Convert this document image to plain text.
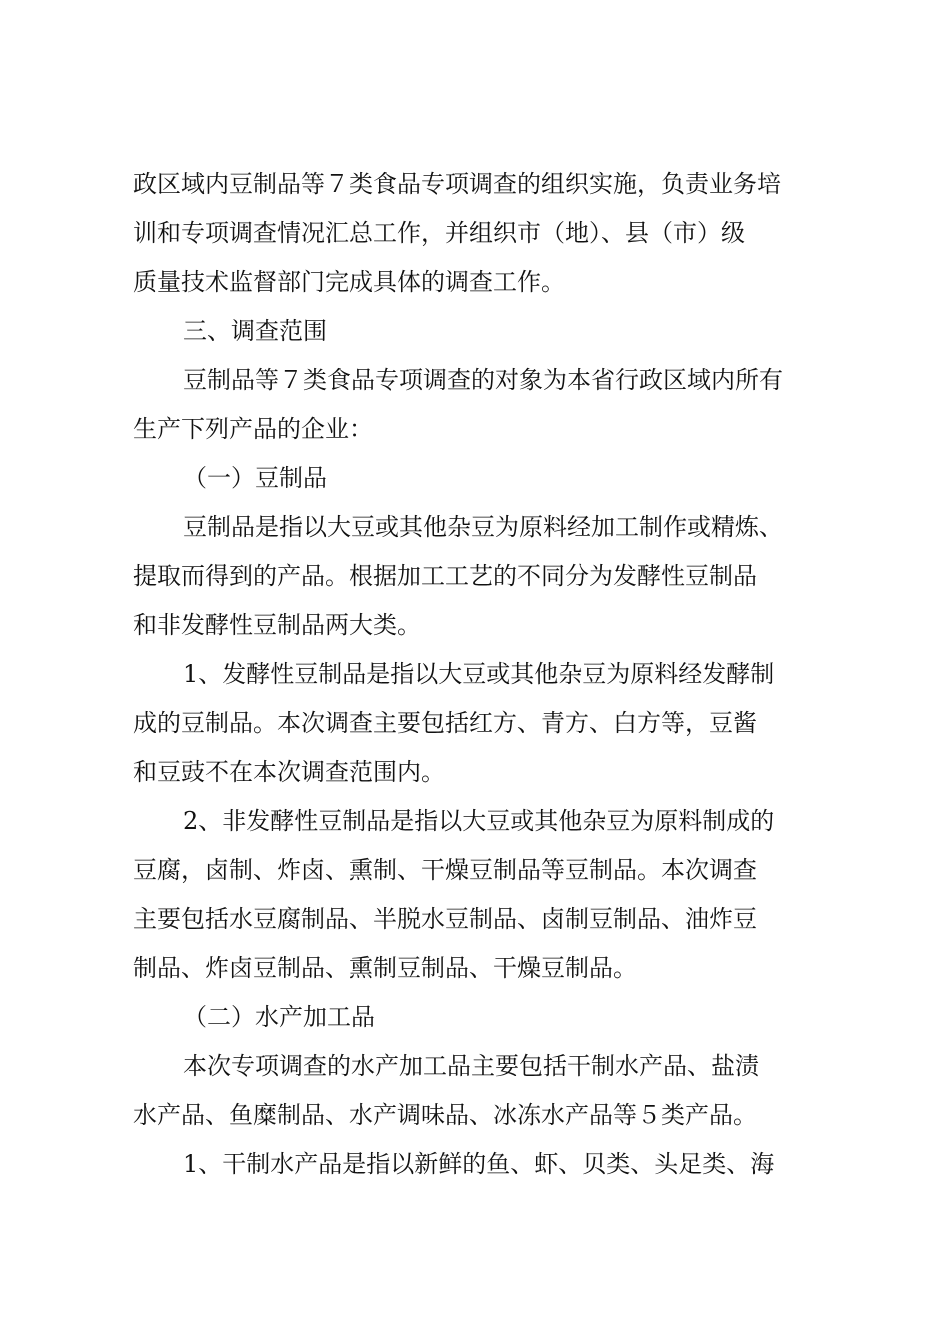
政区域内豆制品等７类食品专项调查的组织实施，负责业务培
训和专项调查情况汇总工作，并组织市（地）、县（市）级
质量技术监督部门完成具体的调查工作。
三、调查范围
豆制品等７类食品专项调查的对象为本省行政区域内所有
生产下列产品的企业：
（一）豆制品
豆制品是指以大豆或其他杂豆为原料经加工制作或精炼、
提取而得到的产品。根据加工工艺的不同分为发酵性豆制品
和非发酵性豆制品两大类。
1、发酵性豆制品是指以大豆或其他杂豆为原料经发酵制
成的豆制品。本次调查主要包括红方、青方、白方等，豆酱
和豆豉不在本次调查范围内。
2、非发酵性豆制品是指以大豆或其他杂豆为原料制成的
豆腐，卤制、炸卤、熏制、干燥豆制品等豆制品。本次调查
主要包括水豆腐制品、半脱水豆制品、卤制豆制品、油炸豆
制品、炸卤豆制品、熏制豆制品、干燥豆制品。
（二）水产加工品
本次专项调查的水产加工品主要包括干制水产品、盐渍
水产品、鱼糜制品、水产调味品、冰冻水产品等５类产品。
1、干制水产品是指以新鲜的鱼、虾、贝类、头足类、海
